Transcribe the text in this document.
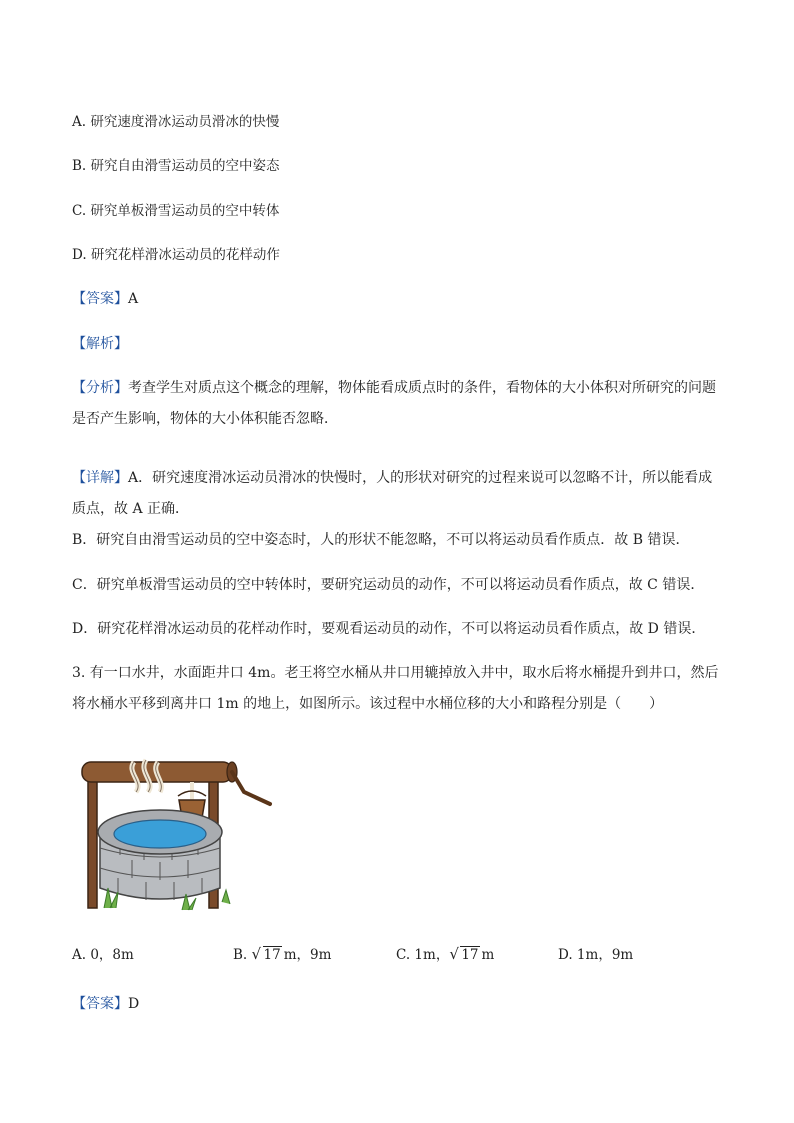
A. 研究速度滑冰运动员滑冰的快慢
B. 研究自由滑雪运动员的空中姿态
C. 研究单板滑雪运动员的空中转体
D. 研究花样滑冰运动员的花样动作
【答案】A
【解析】
【分析】考查学生对质点这个概念的理解，物体能看成质点时的条件，看物体的大小体积对所研究的问题是否产生影响，物体的大小体积能否忽略．
【详解】A．研究速度滑冰运动员滑冰的快慢时，人的形状对研究的过程来说可以忽略不计，所以能看成质点，故 A 正确．
B．研究自由滑雪运动员的空中姿态时，人的形状不能忽略，不可以将运动员看作质点．故 B 错误．
C．研究单板滑雪运动员的空中转体时，要研究运动员的动作，不可以将运动员看作质点，故 C 错误．
D．研究花样滑冰运动员的花样动作时，要观看运动员的动作，不可以将运动员看作质点，故 D 错误．
3. 有一口水井，水面距井口 4m。老王将空水桶从井口用辘掉放入井中，取水后将水桶提升到井口，然后将水桶水平移到离井口 1m 的地上，如图所示。该过程中水桶位移的大小和路程分别是（　　）
A. 0，8m	B. √ 17 m，9m	C. 1m， √ 17 m	D. 1m，9m
【答案】D
